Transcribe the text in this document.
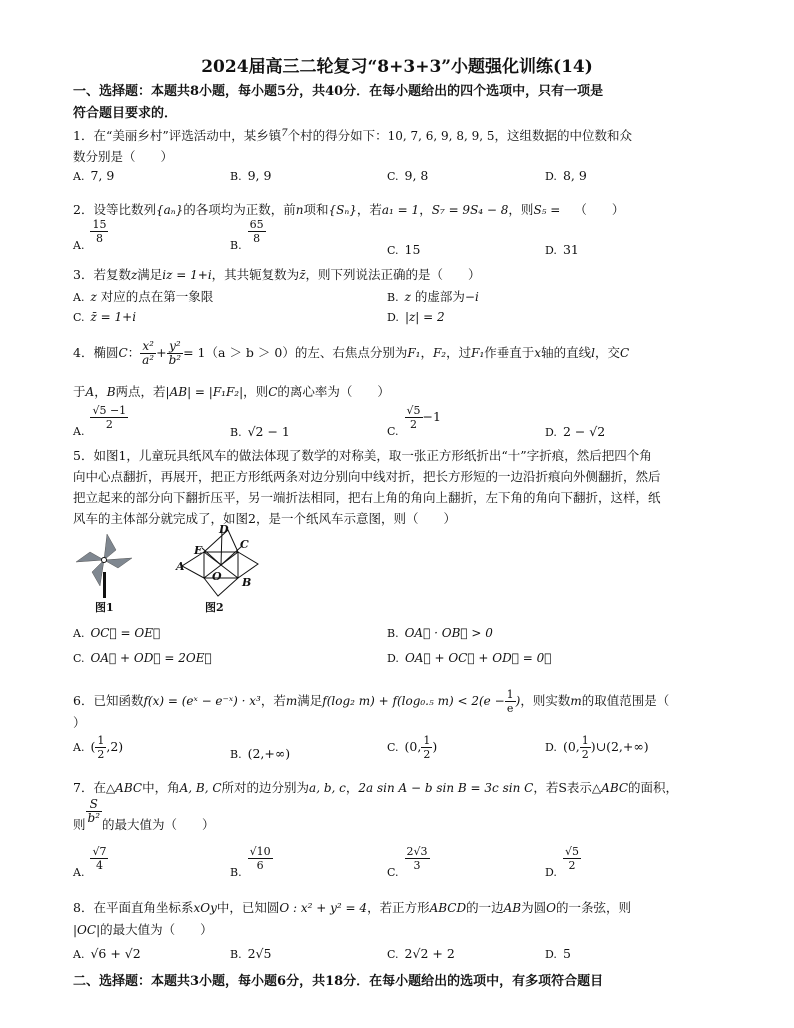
2024届高三二轮复习“8+3+3”小题强化训练(14)
一、选择题：本题共8小题，每小题5分，共40分．在每小题给出的四个选项中，只有一项是
符合题目要求的．
1．在“美丽乡村”评选活动中，某乡镇$^7$个村的得分如下：10, 7, 6, 9, 8, 9, 5，这组数据的中位数和众
数分别是（　　）
A. 7, 9	B. 9, 9	C. 9, 8	D. 8, 9
2．设等比数列{aₙ}的各项均为正数，前n项和{Sₙ}，若a₁ = 1，S₇ = 9S₄ − 8，则S₅ = （　　）
A.
$\frac{15}{8}$
B.
$\frac{65}{8}$
C. 15	D. 31
3．若复数z满足iz = 1+i，其共轭复数为z̄，则下列说法正确的是（　　）
A. z 对应的点在第一象限	B. z 的虚部为−i
C. z̄ = 1+i	D. |z| = 2
4．椭圆C： $\frac{\text{x²}}{\text{a²}} + \frac{\text{y²}}{\text{b²}} = 1(a > b > 0)$的左、右焦点分别为F₁，F₂，过F₁作垂直于x轴的直线l，交C
于A，B两点，若|AB| = |F₁F₂|，则C的离心率为（　　）
A.
$\frac{√5 -1}{2}$
B. √2 − 1	C.
$\frac{√5}{2} -1$
D. 2 − √2
5．如图1，儿童玩具纸风车的做法体现了数学的对称美，取一张正方形纸折出“十”字折痕，然后把四个角
向中心点翻折，再展开，把正方形纸两条对边分别向中线对折，把长方形短的一边沿折痕向外侧翻折，然后
把立起来的部分向下翻折压平，另一端折法相同，把右上角的角向上翻折，左下角的角向下翻折，这样，纸
风车的主体部分就完成了，如图2，是一个纸风车示意图，则（　　）
图1
D
E	C
A
O B
图2
A. OC⃗ = OE⃗	B. OA⃗ · OB⃗ > 0
C. OA⃗ + OD⃗ = 2OE⃗	D. OA⃗ + OC⃗ + OD⃗ = 0⃗
6．已知函数f(x) = (eˣ − e⁻ˣ) · x³，若m满足f(log₂ m) + f(log₀.₅ $m) < 2(e - \frac{1}{e}$ )，则实数m的取值范围是（
）
A. ( $\frac{1}{2} ,2$)
B. (2,+∞)	C. (0, $\frac{1}{2}$ )	D. (0, $\frac{1}{2}$ )∪(2,+∞)
7．在△ABC中，角A, B, C所对的边分别为a, b, c，2a sin A − b sin B = 3c sin C，若S表示△ABC的面积，
则 $\frac{S}{\text{b²}}$ 的最大值为（　　）
A.
$\frac{√7}{4}$
B.
$\frac{√10}{6}$
C.
$\frac{2√3}{3}$
D.
$\frac{√5}{2}$
8．在平面直角坐标系xOy中，已知圆O : x² + y² = 4，若正方形ABCD的一边AB为圆O的一条弦，则
|OC|的最大值为（　　）
A. √6 + √2	B. 2√5	C. 2√2 + 2	D. 5
二、选择题：本题共3小题，每小题6分，共18分．在每小题给出的选项中，有多项符合题目
